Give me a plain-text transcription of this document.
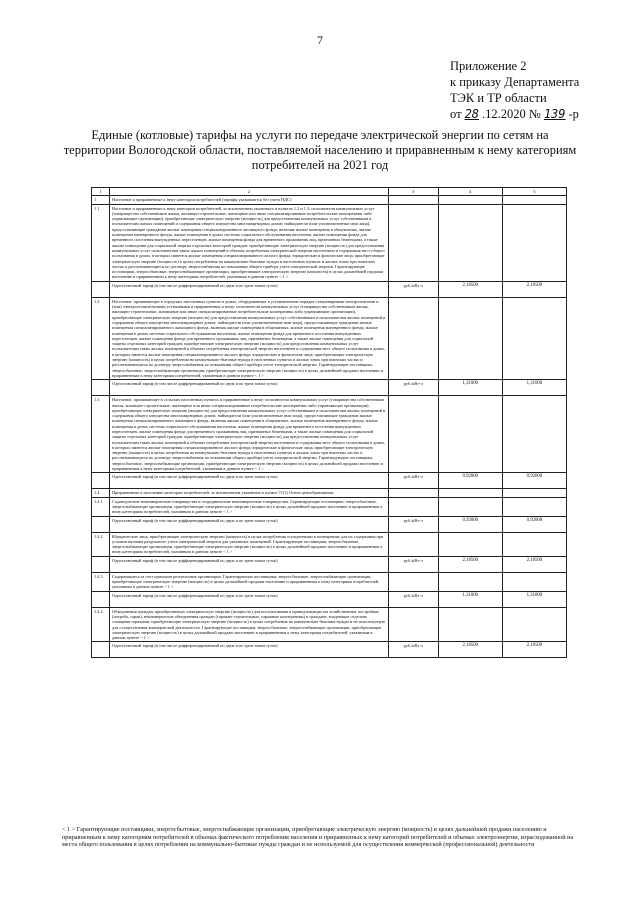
7
Приложение 2
к приказу Департамента
ТЭК и ТР области
от 28 .12.2020 № 139 -р
Единые (котловые) тарифы на услуги по передаче электрической энергии по сетям на территории Вологодской области, поставляемой населению и приравненным к нему категориям потребителей на 2021 год
1	2	3	4	5
1	Население и приравненные к нему категории потребителей (тарифы указываются без учета НДС)			
1.1	Население и приравненные к нему категории потребителей, за исключением указанного в пунктах 1.2 и 1.3: исполнители коммунальных услуг (товарищества собственников жилья, жилищно-строительные, жилищные или иные специализированные потребительские кооперативы либо управляющие организации), приобретающие электрическую энергию (мощность) для предоставления коммунальных услуг собственникам и пользователям жилых помещений и содержания общего имущества многоквартирных домов; наймодатели (или уполномоченные ими лица), предоставляющие гражданам жилые помещения специализированного жилищного фонда, включая жилые помещения в общежитиях, жилые помещения маневренного фонда, жилые помещения в домах системы социального обслуживания населения, жилые помещения фонда для временного поселения вынужденных переселенцев, жилые помещения фонда для временного проживания лиц, признанных беженцами, а также жилые помещения для социальной защиты отдельных категорий граждан, приобретающие электрическую энергию (мощность) для предоставления коммунальных услуг пользователям таких жилых помещений в объемах потребления электрической энергии населением и содержания мест общего пользования в домах, в которых имеются жилые помещения специализированного жилого фонда; юридические и физические лица, приобретающие электрическую энергию (мощность) в целях потребления на коммунально-бытовые нужды в населенных пунктах и жилых зонах при воинских частях и рассчитывающиеся по договору энергоснабжения по показаниям общего прибора учета электрической энергии. Гарантирующие поставщики, энергосбытовые, энергоснабжающие организации, приобретающие электрическую энергию (мощность) в целях дальнейшей продажи населению и приравненным к нему категориям потребителей, указанным в данном пункте < 1 >			
	Одноставочный тариф (в том числе дифференцированный по двум и по трем зонам суток)	руб./кВт·ч	2,18500	2,18500
1.2	Население, проживающее в городских населенных пунктах в домах, оборудованных в установленном порядке стационарными электроплитами и (или) электроотопительными установками и приравненные к нему: исполнители коммунальных услуг (товарищества собственников жилья, жилищно-строительные, жилищные или иные специализированные потребительские кооперативы либо управляющие организации), приобретающие электрическую энергию (мощность) для предоставления коммунальных услуг собственникам и пользователям жилых помещений и содержания общего имущества многоквартирных домов; наймодатели (или уполномоченные ими лица), предоставляющие гражданам жилые помещения специализированного жилищного фонда, включая жилые помещения в общежитиях, жилые помещения маневренного фонда, жилые помещения в домах системы социального обслуживания населения, жилые помещения фонда для временного поселения вынужденных переселенцев, жилые помещения фонда для временного проживания лиц, признанных беженцами, а также жилые помещения для социальной защиты отдельных категорий граждан, приобретающие электрическую энергию (мощность) для предоставления коммунальных услуг пользователям таких жилых помещений в объемах потребления электрической энергии населением и содержания мест общего пользования в домах, в которых имеются жилые помещения специализированного жилого фонда; юридические и физические лица, приобретающие электрическую энергию (мощность) в целях потребления на коммунально-бытовые нужды в населенных пунктах и жилых зонах при воинских частях и рассчитывающиеся по договору энергоснабжения по показаниям общего прибора учета электрической энергии. Гарантирующие поставщики, энергосбытовые, энергоснабжающие организации, приобретающие электрическую энергию (мощность) в целях дальнейшей продажи населению и приравненным к нему категориям потребителей, указанным в данном пункте < 1 >			
	Одноставочный тариф (в том числе дифференцированный по двум и по трем зонам суток)	руб./кВт·ч	1,31000	1,31000
1.3	Население, проживающее в сельских населенных пунктах и приравненные к нему: исполнители коммунальных услуг (товарищества собственников жилья, жилищно-строительные, жилищные или иные специализированные потребительские кооперативы либо управляющие организации), приобретающие электрическую энергию (мощность) для предоставления коммунальных услуг собственникам и пользователям жилых помещений и содержания общего имущества многоквартирных домов; наймодатели (или уполномоченные ими лица), предоставляющие гражданам жилые помещения специализированного жилищного фонда, включая жилые помещения в общежитиях, жилые помещения маневренного фонда, жилые помещения в домах системы социального обслуживания населения, жилые помещения фонда для временного поселения вынужденных переселенцев, жилые помещения фонда для временного проживания лиц, признанных беженцами, а также жилые помещения для социальной защиты отдельных категорий граждан, приобретающие электрическую энергию (мощность) для предоставления коммунальных услуг пользователям таких жилых помещений в объемах потребления электрической энергии населением и содержания мест общего пользования в домах, в которых имеются жилые помещения специализированного жилого фонда; юридические и физические лица, приобретающие электрическую энергию (мощность) в целях потребления на коммунально-бытовые нужды в населенных пунктах и жилых зонах при воинских частях и рассчитывающиеся по договору энергоснабжения по показаниям общего прибора учета электрической энергии. Гарантирующие поставщики, энергосбытовые, энергоснабжающие организации, приобретающие электрическую энергию (мощность) в целях дальнейшей продажи населению и приравненным к нему категориям потребителей, указанным в данном пункте < 1 >			
	Одноставочный тариф (в том числе дифференцированный по двум и по трем зонам суток)	руб./кВт·ч	0,92000	0,92000
1.4	Приравненные к населению категории потребителей, за исключением указанных в пункте 71(1) Основ ценообразования:			
1.4.1	Садоводческие некоммерческие товарищества и огороднические некоммерческие товарищества. Гарантирующие поставщики, энергосбытовые, энергоснабжающие организации, приобретающие электрическую энергию (мощность) в целях дальнейшей продажи населению и приравненным к нему категориям потребителей, указанным в данном пункте < 1 >			
	Одноставочный тариф (в том числе дифференцированный по двум и по трем зонам суток)	руб./кВт·ч	0,92000	0,92000
1.4.2	Юридические лица, приобретающие электрическую энергию (мощность) в целях потребления осужденными в помещениях для их содержания при условии наличия раздельного учета электрической энергии для указанных помещений. Гарантирующие поставщики, энергосбытовые, энергоснабжающие организации, приобретающие электрическую энергию (мощность) в целях дальнейшей продажи населению и приравненным к нему категориям потребителей, указанным в данном пункте < 1 >			
	Одноставочный тариф (в том числе дифференцированный по двум и по трем зонам суток)	руб./кВт·ч	2,18500	2,18500
1.4.3	Содержащиеся за счет прихожан религиозные организации. Гарантирующие поставщики, энергосбытовые, энергоснабжающие организации, приобретающие электрическую энергию (мощность) в целях дальнейшей продажи населению и приравненным к нему категориям потребителей, указанным в данном пункте < 1 >			
	Одноставочный тариф (в том числе дифференцированный по двум и по трем зонам суток)	руб./кВт·ч	1,31000	1,31000
1.4.4	Объединения граждан, приобретающих электрическую энергию (мощность) для использования в принадлежащих им хозяйственных постройках (погреба, сараи), некоммерческие объединения граждан (гаражно-строительные, гаражные кооперативы) и граждане, владеющие отдельно стоящими гаражами, приобретающие электрическую энергию (мощность) в целях потребления на коммунально-бытовые нужды и не используемую для осуществления коммерческой деятельности. Гарантирующие поставщики, энергосбытовые, энергоснабжающие организации, приобретающие электрическую энергию (мощность) в целях дальнейшей продажи населению и приравненным к нему категориям потребителей, указанным в данном пункте < 1 >			
	Одноставочный тариф (в том числе дифференцированный по двум и по трем зонам суток)	руб./кВт·ч	2,18500	2,18500
< 1 > Гарантирующие поставщики, энергосбытовые, энергоснабжающие организации, приобретающие электрическую энергию (мощность) в целях дальнейшей продажи населению и приравненным к нему категориям потребителей в объемах фактического потребления населения и приравненных к нему категорий потребителей и объемах электроэнергии, израсходованной на места общего пользования в целях потребления на коммунально-бытовые нужды граждан и не используемой для осуществления коммерческой (профессиональной) деятельности
